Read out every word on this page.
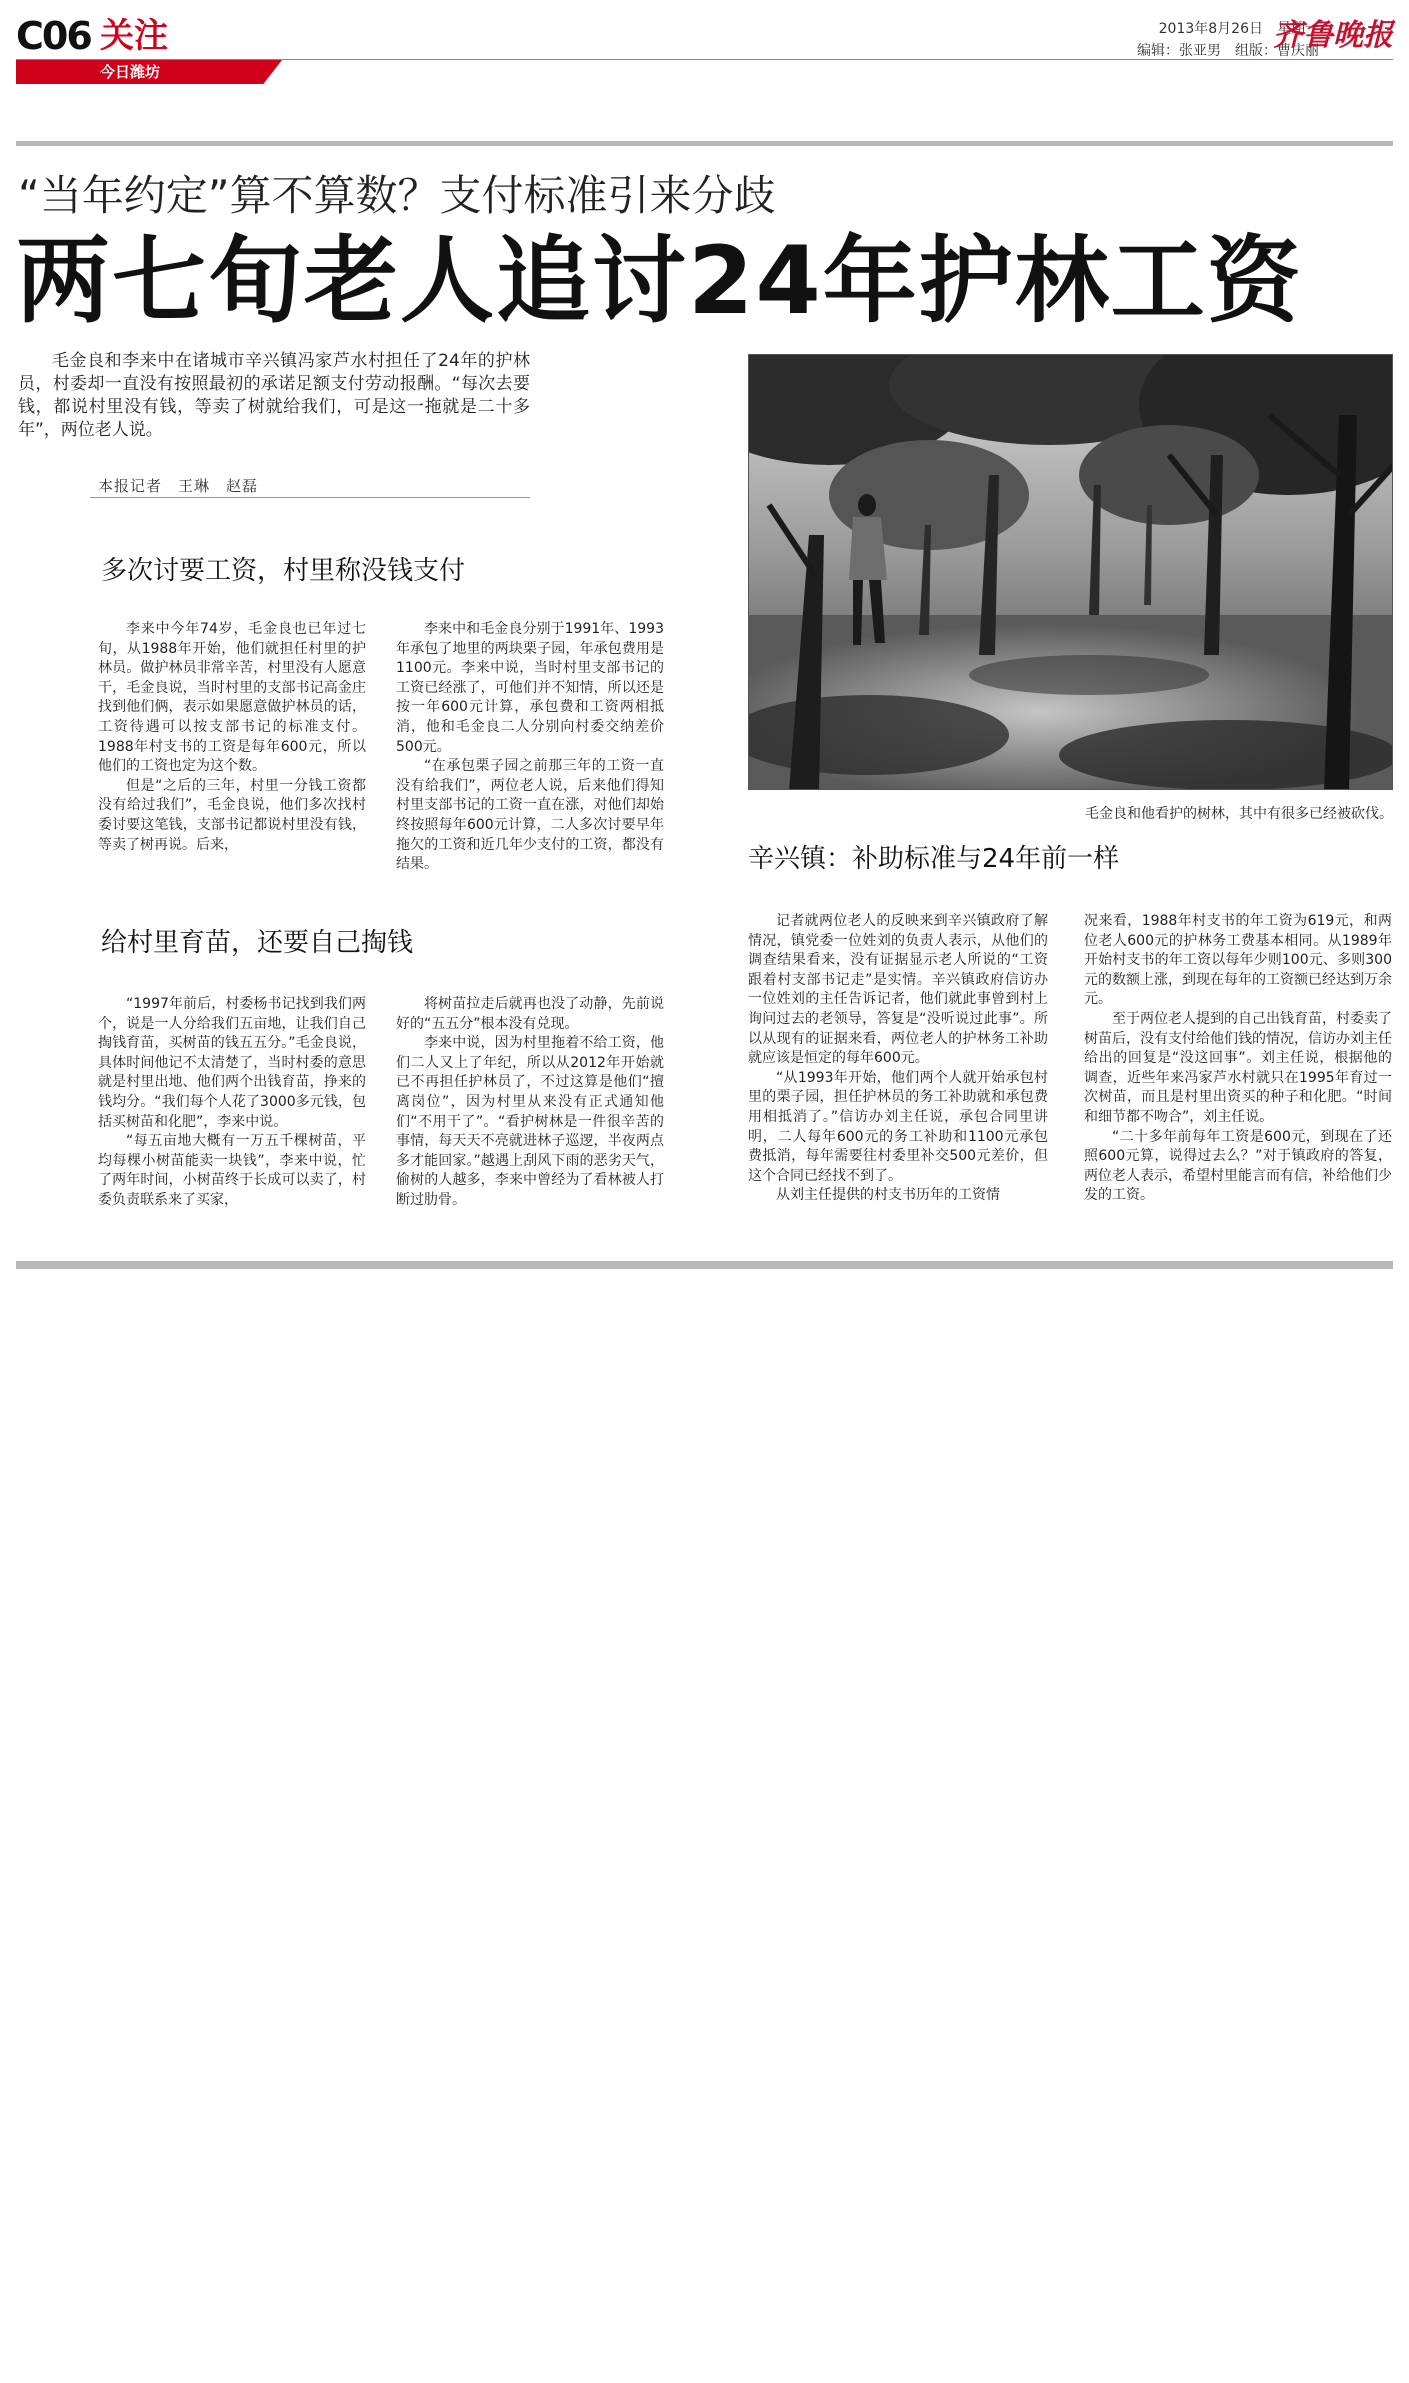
C06 关注
今日潍坊
2013年8月26日　星期一
编辑：张亚男　组版：曹庆丽
齐鲁晚报
“当年约定”算不算数？支付标准引来分歧
两七旬老人追讨24年护林工资

毛金良和李来中在诸城市辛兴镇冯家芦水村担任了24年的护林员，村委却一直没有按照最初的承诺足额支付劳动报酬。“每次去要钱，都说村里没有钱，等卖了树就给我们，可是这一拖就是二十多年”，两位老人说。

本报记者　王琳　赵磊
多次讨要工资，村里称没钱支付
给村里育苗，还要自己掏钱
辛兴镇：补助标准与24年前一样

李来中今年74岁，毛金良也已年过七旬，从1988年开始，他们就担任村里的护林员。做护林员非常辛苦，村里没有人愿意干，毛金良说，当时村里的支部书记高金庄找到他们俩，表示如果愿意做护林员的话，工资待遇可以按支部书记的标准支付。1988年村支书的工资是每年600元，所以他们的工资也定为这个数。

但是“之后的三年，村里一分钱工资都没有给过我们”，毛金良说，他们多次找村委讨要这笔钱，支部书记都说村里没有钱，等卖了树再说。后来，

李来中和毛金良分别于1991年、1993年承包了地里的两块栗子园，年承包费用是1100元。李来中说，当时村里支部书记的工资已经涨了，可他们并不知情，所以还是按一年600元计算，承包费和工资两相抵消，他和毛金良二人分别向村委交纳差价500元。

“在承包栗子园之前那三年的工资一直没有给我们”，两位老人说，后来他们得知村里支部书记的工资一直在涨，对他们却始终按照每年600元计算，二人多次讨要早年拖欠的工资和近几年少支付的工资，都没有结果。

“1997年前后，村委杨书记找到我们两个，说是一人分给我们五亩地，让我们自己掏钱育苗，买树苗的钱五五分。”毛金良说，具体时间他记不太清楚了，当时村委的意思就是村里出地、他们两个出钱育苗，挣来的钱均分。“我们每个人花了3000多元钱，包括买树苗和化肥”，李来中说。

“每五亩地大概有一万五千棵树苗，平均每棵小树苗能卖一块钱”，李来中说，忙了两年时间，小树苗终于长成可以卖了，村委负责联系来了买家，

将树苗拉走后就再也没了动静，先前说好的“五五分”根本没有兑现。

李来中说，因为村里拖着不给工资，他们二人又上了年纪，所以从2012年开始就已不再担任护林员了，不过这算是他们“擅离岗位”，因为村里从来没有正式通知他们“不用干了”。“看护树林是一件很辛苦的事情，每天天不亮就进林子巡逻，半夜两点多才能回家。”越遇上刮风下雨的恶劣天气，偷树的人越多，李来中曾经为了看林被人打断过肋骨。

记者就两位老人的反映来到辛兴镇政府了解情况，镇党委一位姓刘的负责人表示，从他们的调查结果看来，没有证据显示老人所说的“工资跟着村支部书记走”是实情。辛兴镇政府信访办一位姓刘的主任告诉记者，他们就此事曾到村上询问过去的老领导，答复是“没听说过此事”。所以从现有的证据来看，两位老人的护林务工补助就应该是恒定的每年600元。

“从1993年开始，他们两个人就开始承包村里的栗子园，担任护林员的务工补助就和承包费用相抵消了。”信访办刘主任说，承包合同里讲明，二人每年600元的务工补助和1100元承包费抵消，每年需要往村委里补交500元差价，但这个合同已经找不到了。

从刘主任提供的村支书历年的工资情

况来看，1988年村支书的年工资为619元，和两位老人600元的护林务工费基本相同。从1989年开始村支书的年工资以每年少则100元、多则300元的数额上涨，到现在每年的工资额已经达到万余元。

至于两位老人提到的自己出钱育苗，村委卖了树苗后，没有支付给他们钱的情况，信访办刘主任给出的回复是“没这回事”。刘主任说，根据他的调查，近些年来冯家芦水村就只在1995年育过一次树苗，而且是村里出资买的种子和化肥。“时间和细节都不吻合”，刘主任说。

“二十多年前每年工资是600元，到现在了还照600元算，说得过去么？”对于镇政府的答复，两位老人表示，希望村里能言而有信，补给他们少发的工资。

毛金良和他看护的树林，其中有很多已经被砍伐。
